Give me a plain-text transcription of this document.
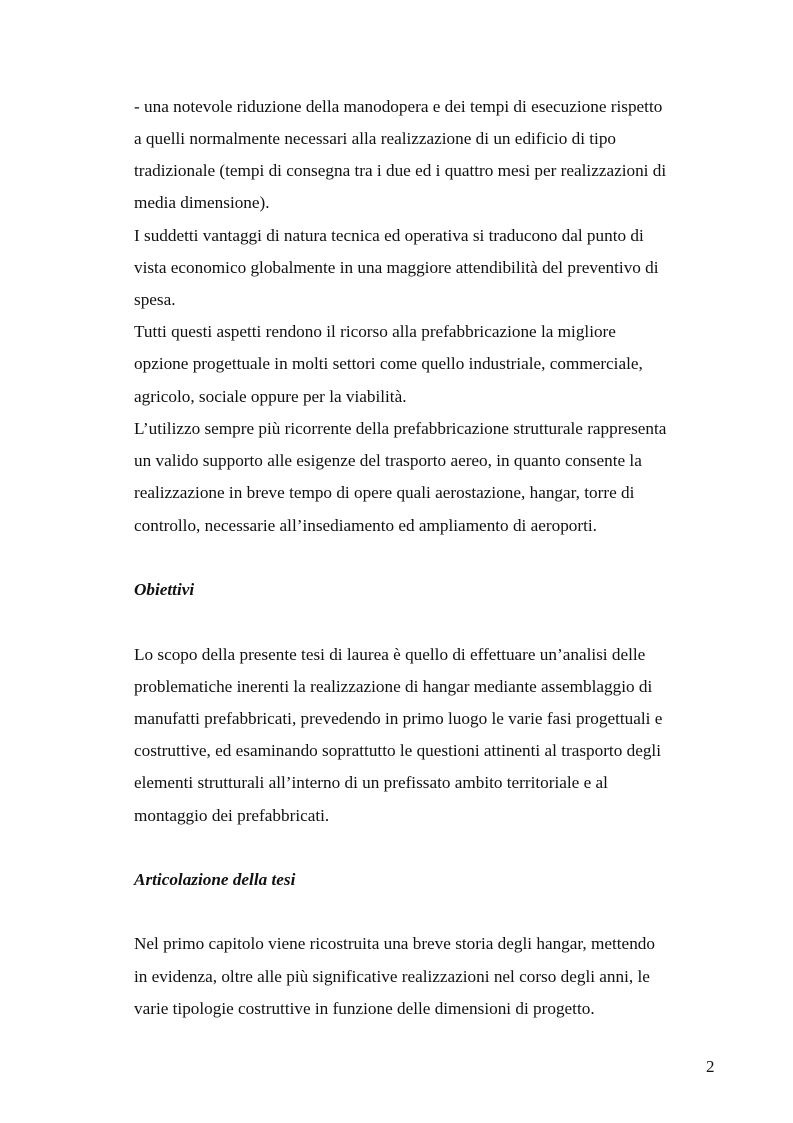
- una notevole riduzione della manodopera e dei tempi di esecuzione rispetto
a quelli normalmente necessari alla realizzazione di un edificio di tipo
tradizionale (tempi di consegna tra i due ed i quattro mesi per realizzazioni di
media dimensione).
I suddetti vantaggi di natura tecnica ed operativa si traducono dal punto di
vista economico globalmente in una maggiore attendibilità del preventivo di
spesa.
Tutti questi aspetti rendono il ricorso alla prefabbricazione la migliore
opzione progettuale in molti settori come quello industriale, commerciale,
agricolo, sociale oppure per la viabilità.
L’utilizzo sempre più ricorrente della prefabbricazione strutturale rappresenta
un valido supporto alle esigenze del trasporto aereo, in quanto consente la
realizzazione in breve tempo di opere quali aerostazione, hangar, torre di
controllo, necessarie all’insediamento ed ampliamento di aeroporti.
Obiettivi
Lo scopo della presente tesi di laurea è quello di effettuare un’analisi delle
problematiche inerenti la realizzazione di hangar mediante assemblaggio di
manufatti prefabbricati, prevedendo in primo luogo le varie fasi progettuali e
costruttive, ed esaminando soprattutto le questioni attinenti al trasporto degli
elementi strutturali all’interno di un prefissato ambito territoriale e al
montaggio dei prefabbricati.
Articolazione della tesi
Nel primo capitolo viene ricostruita una breve storia degli hangar, mettendo
in evidenza, oltre alle più significative realizzazioni nel corso degli anni, le
varie tipologie costruttive in funzione delle dimensioni di progetto.
2
